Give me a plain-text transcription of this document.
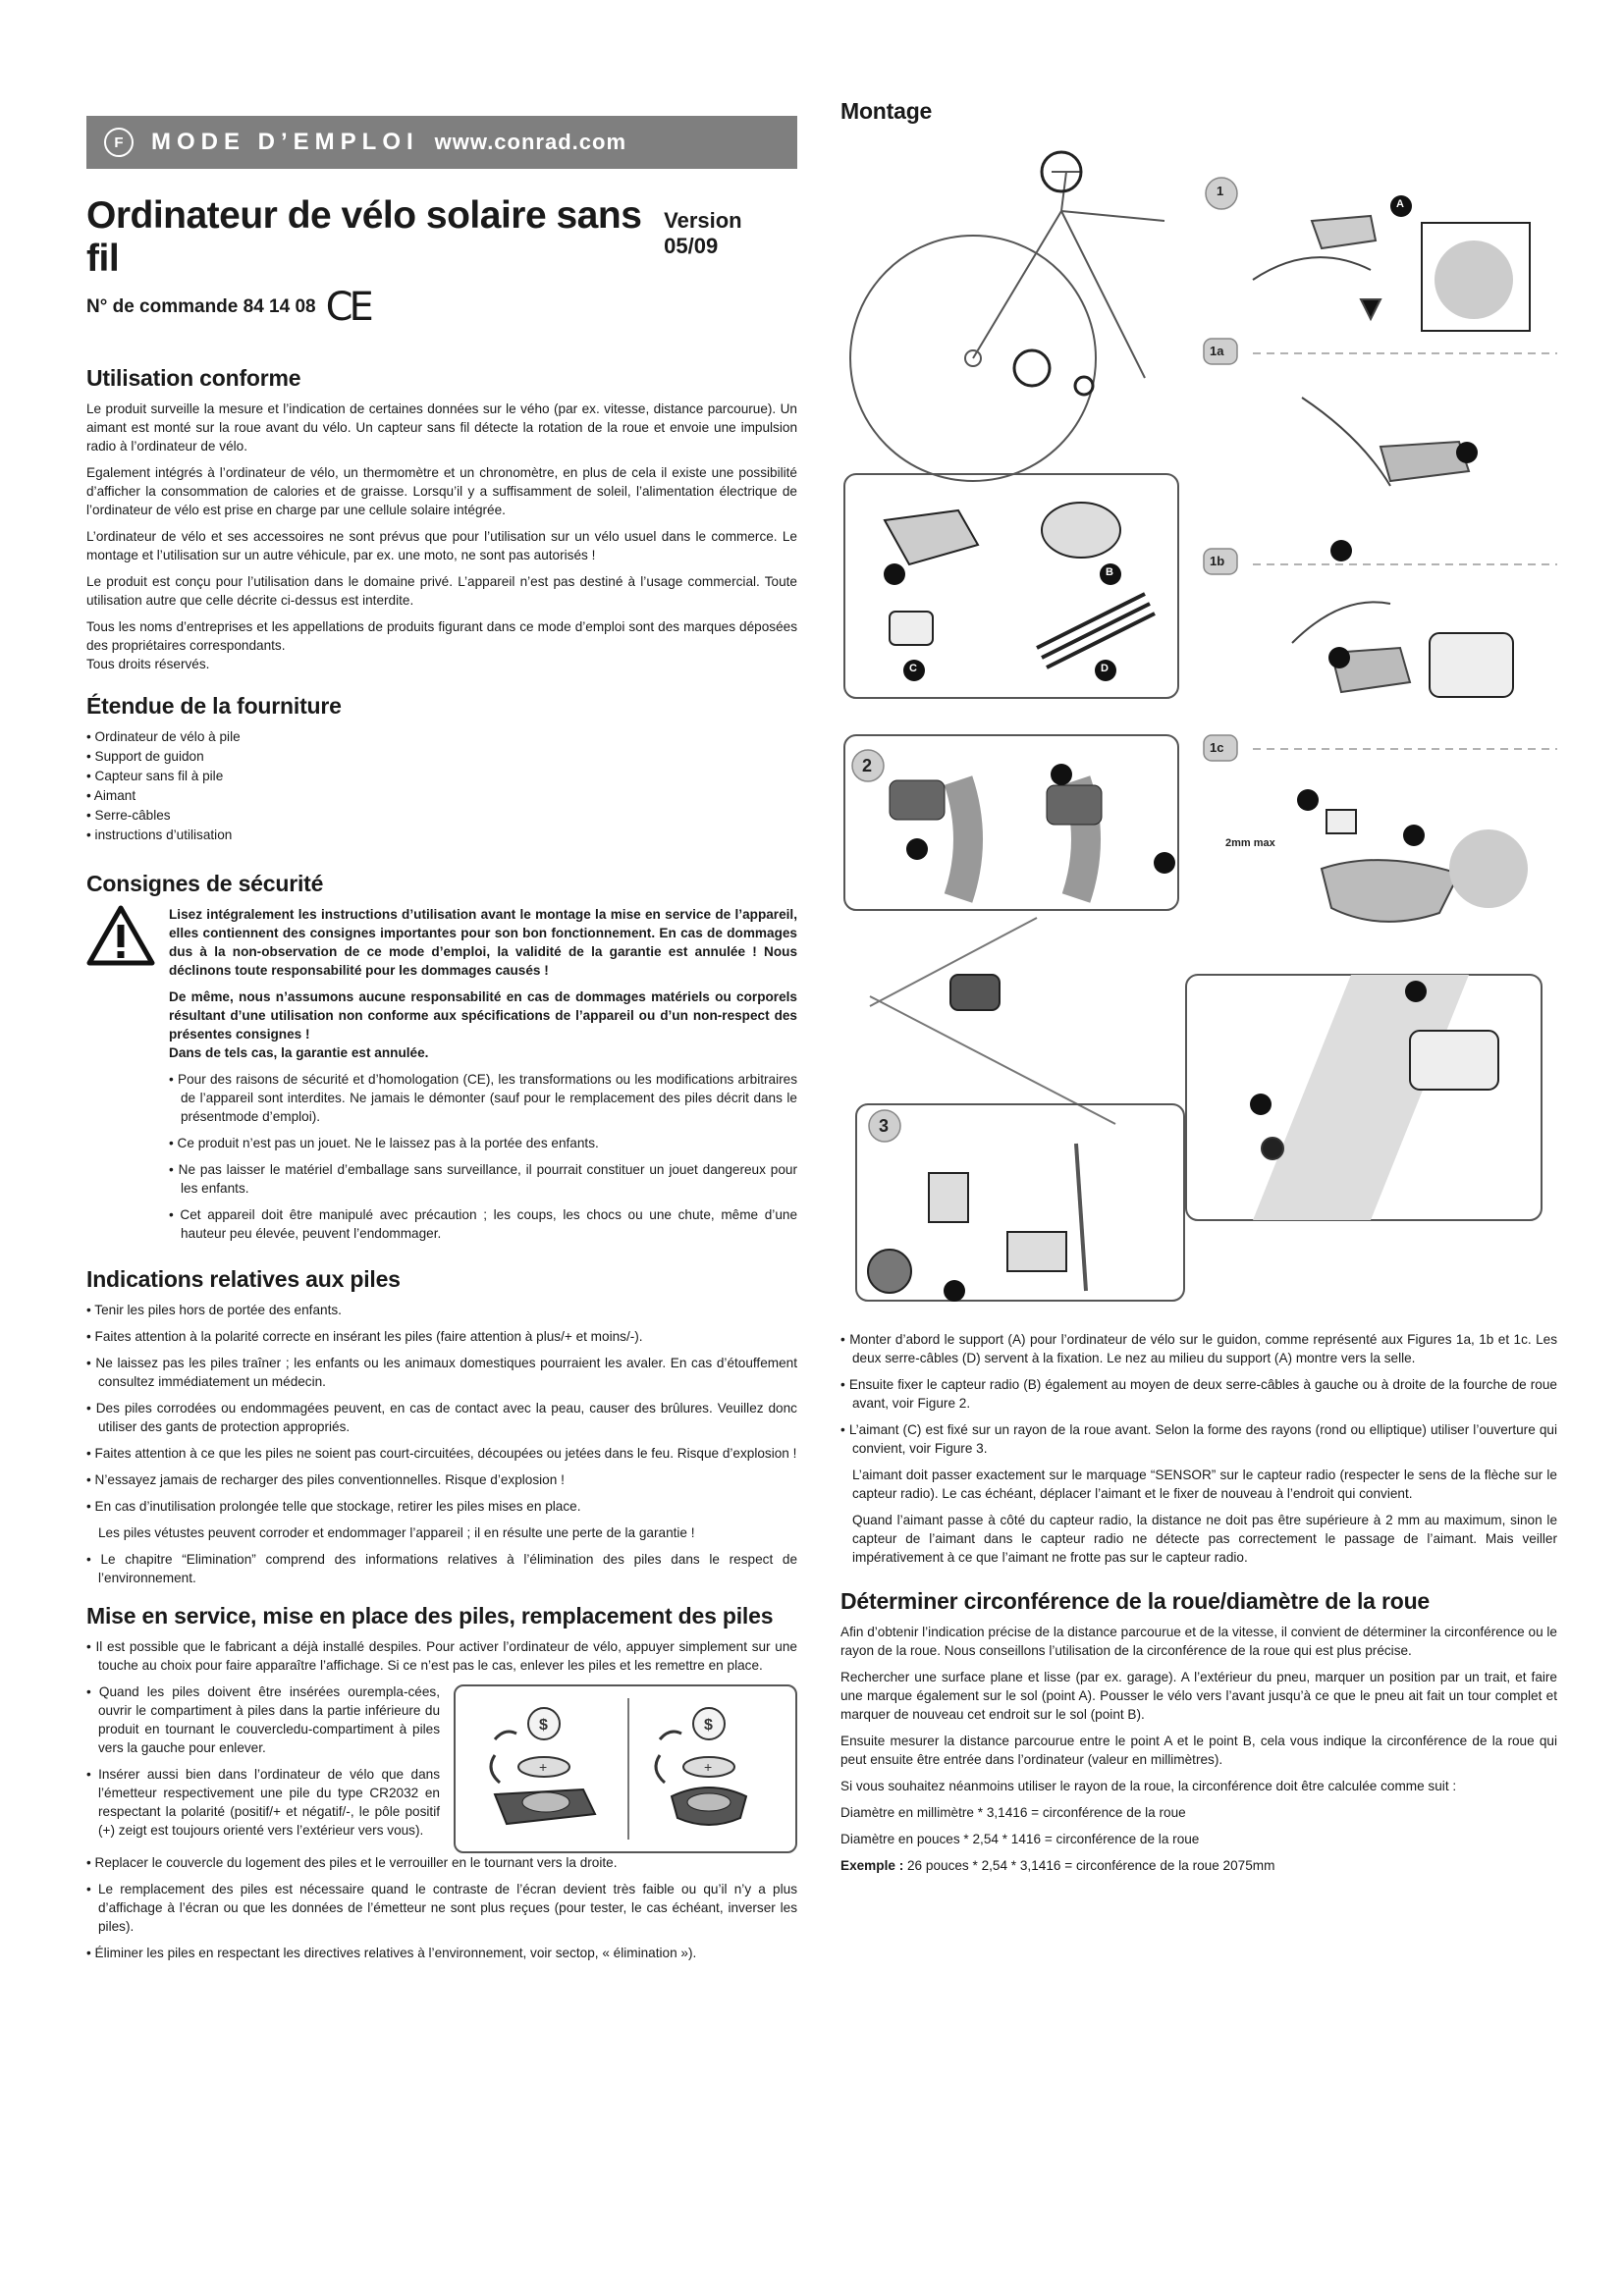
F	MODE D’EMPLOI www.conrad.com
Ordinateur de vélo solaire sans fil
Version 05/09
N° de commande 84 14 08 CE
Utilisation conforme

Le produit surveille la mesure et l’indication de certaines données sur le vého (par ex. vitesse, distance parcourue). Un aimant est monté sur la roue avant du vélo. Un capteur sans fil détecte la rotation de la roue et envoie une impulsion radio à l’ordinateur de vélo.

Egalement intégrés à l’ordinateur de vélo, un thermomètre et un chronomètre, en plus de cela il existe une possibilité d’afficher la consommation de calories et de graisse. Lorsqu’il y a suffisamment de soleil, l’alimentation électrique de l’ordinateur de vélo est prise en charge par une cellule solaire intégrée.

L’ordinateur de vélo et ses accessoires ne sont prévus que pour l’utilisation sur un vélo usuel dans le commerce. Le montage et l’utilisation sur un autre véhicule, par ex. une moto, ne sont pas autorisés !

Le produit est conçu pour l’utilisation dans le domaine privé. L’appareil n’est pas destiné à l’usage commercial. Toute utilisation autre que celle décrite ci-dessus est interdite.

Tous les noms d’entreprises et les appellations de produits figurant dans ce mode d’emploi sont des marques déposées des propriétaires correspondants.
Tous droits réservés.

Étendue de la fourniture
• Ordinateur de vélo à pile
• Support de guidon
• Capteur sans fil à pile
• Aimant
• Serre-câbles
• instructions d’utilisation
Consignes de sécurité

Lisez intégralement les instructions d’utilisation avant le montage la mise en service de l’appareil, elles contiennent des consignes importantes pour son bon fonctionnement. En cas de dommages dus à la non-observation de ce mode d’emploi, la validité de la garantie est annulée ! Nous déclinons toute responsabilité pour les dommages causés !

De même, nous n’assumons aucune responsabilité en cas de dommages matériels ou corporels résultant d’une utilisation non conforme aux spécifications de l’appareil ou d’un non-respect des présentes consignes !
Dans de tels cas, la garantie est annulée.

• Pour des raisons de sécurité et d’homologation (CE), les transformations ou les modifications arbitraires de l’appareil sont interdites. Ne jamais le démonter (sauf pour le remplacement des piles décrit dans le présentmode d’emploi).
• Ce produit n’est pas un jouet. Ne le laissez pas à la portée des enfants.
• Ne pas laisser le matériel d’emballage sans surveillance, il pourrait constituer un jouet dangereux pour les enfants.
• Cet appareil doit être manipulé avec précaution ; les coups, les chocs ou une chute, même d’une hauteur peu élevée, peuvent l’endommager.
Indications relatives aux piles
• Tenir les piles hors de portée des enfants.
• Faites attention à la polarité correcte en insérant les piles (faire attention à plus/+ et moins/-).
• Ne laissez pas les piles traîner ; les enfants ou les animaux domestiques pourraient les avaler. En cas d’étouffement consultez immédiatement un médecin.
• Des piles corrodées ou endommagées peuvent, en cas de contact avec la peau, causer des brûlures. Veuillez donc utiliser des gants de protection appropriés.
• Faites attention à ce que les piles ne soient pas court-circuitées, découpées ou jetées dans le feu. Risque d’explosion !
• N’essayez jamais de recharger des piles conventionnelles. Risque d’explosion !
• En cas d’inutilisation prolongée telle que stockage, retirer les piles mises en place.
Les piles vétustes peuvent corroder et endommager l’appareil ; il en résulte une perte de la garantie !
• Le chapitre “Elimination” comprend des informations relatives à l’élimination des piles dans le respect de l’environnement.
Mise en service, mise en place des piles, remplacement des piles
• Il est possible que le fabricant a déjà installé despiles. Pour activer l’ordinateur de vélo, appuyer simplement sur une touche au choix pour faire apparaître l’affichage. Si ce n’est pas le cas, enlever les piles et les remettre en place.
• Quand les piles doivent être insérées ourempla-cées, ouvrir le compartiment à piles dans la partie inférieure du produit en tournant le couvercledu-compartiment à piles vers la gauche pour enlever.
• Insérer aussi bien dans l’ordinateur de vélo que dans l’émetteur respectivement une pile du type CR2032 en respectant la polarité (positif/+ et négatif/-, le pôle positif (+) zeigt est toujours orienté vers l’extérieur vers vous).
$
+
$
+
• Replacer le couvercle du logement des piles et le verrouiller en le tournant vers la droite.
• Le remplacement des piles est nécessaire quand le contraste de l’écran devient très faible ou qu’il n’y a plus d’affichage à l’écran ou que les données de l’émetteur ne sont plus reçues (pour tester, le cas échéant, inverser les piles).
• Éliminer les piles en respectant les directives relatives à l’environnement, voir sectop, « élimination »).
Montage
1
1a
1b
1c
2
3
A
B
C	D
2mm max
• Monter d’abord le support (A) pour l’ordinateur de vélo sur le guidon, comme représenté aux Figures 1a, 1b et 1c. Les deux serre-câbles (D) servent à la fixation. Le nez au milieu du support (A) montre vers la selle.
• Ensuite fixer le capteur radio (B) également au moyen de deux serre-câbles à gauche ou à droite de la fourche de roue avant, voir Figure 2.
• L’aimant (C) est fixé sur un rayon de la roue avant. Selon la forme des rayons (rond ou elliptique) utiliser l’ouverture qui convient, voir Figure 3.
L’aimant doit passer exactement sur le marquage “SENSOR” sur le capteur radio (respecter le sens de la flèche sur le capteur radio). Le cas échéant, déplacer l’aimant et le fixer de nouveau à l’endroit qui convient.
Quand l’aimant passe à côté du capteur radio, la distance ne doit pas être supérieure à 2 mm au maximum, sinon le capteur de l’aimant dans le capteur radio ne détecte pas correctement le passage de l’aimant. Mais veiller impérativement à ce que l’aimant ne frotte pas sur le capteur radio.
Déterminer circonférence de la roue/diamètre de la roue

Afin d’obtenir l’indication précise de la distance parcourue et de la vitesse, il convient de déterminer la circonférence ou le rayon de la roue. Nous conseillons l’utilisation de la circonférence de la roue qui est plus précise.

Rechercher une surface plane et lisse (par ex. garage). A l’extérieur du pneu, marquer un position par un trait, et faire une marque également sur le sol (point A). Pousser le vélo vers l’avant jusqu’à ce que le pneu ait fait un tour complet et marquer de nouveau cet endroit sur le sol (point B).

Ensuite mesurer la distance parcourue entre le point A et le point B, cela vous indique la circonférence de la roue qui peut ensuite être entrée dans l’ordinateur (valeur en millimètres).

Si vous souhaitez néanmoins utiliser le rayon de la roue, la circonférence doit être calculée comme suit :

Diamètre en millimètre * 3,1416 = circonférence de la roue

Diamètre en pouces * 2,54 * 1416 = circonférence de la roue

Exemple : 26 pouces * 2,54 * 3,1416 = circonférence de la roue 2075mm
